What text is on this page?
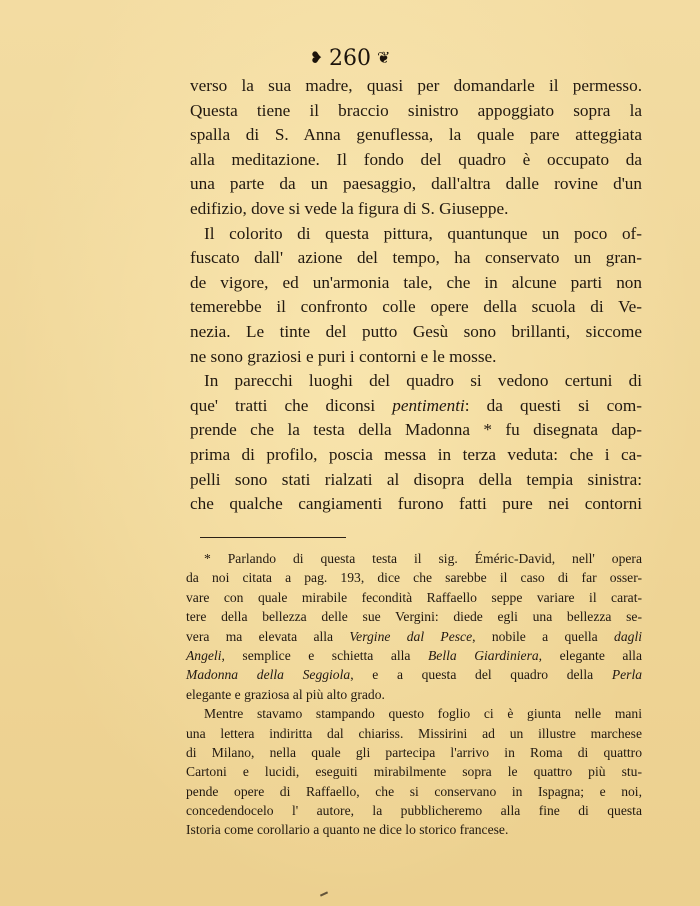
❥ 260 ❦
verso la sua madre, quasi per domandarle il permesso.
Questa tiene il braccio sinistro appoggiato sopra la
spalla di S. Anna genuflessa, la quale pare atteggiata
alla meditazione. Il fondo del quadro è occupato da
una parte da un paesaggio, dall'altra dalle rovine d'un
edifizio, dove si vede la figura di S. Giuseppe.
Il colorito di questa pittura, quantunque un poco of-
fuscato dall' azione del tempo, ha conservato un gran-
de vigore, ed un'armonia tale, che in alcune parti non
temerebbe il confronto colle opere della scuola di Ve-
nezia. Le tinte del putto Gesù sono brillanti, siccome
ne sono graziosi e puri i contorni e le mosse.
In parecchi luoghi del quadro si vedono certuni di
que' tratti che diconsi pentimenti: da questi si com-
prende che la testa della Madonna * fu disegnata dap-
prima di profilo, poscia messa in terza veduta: che i ca-
pelli sono stati rialzati al disopra della tempia sinistra:
che qualche cangiamenti furono fatti pure nei contorni
* Parlando di questa testa il sig. Éméric-David, nell' opera
da noi citata a pag. 193, dice che sarebbe il caso di far osser-
vare con quale mirabile fecondità Raffaello seppe variare il carat-
tere della bellezza delle sue Vergini: diede egli una bellezza se-
vera ma elevata alla Vergine dal Pesce, nobile a quella dagli
Angeli, semplice e schietta alla Bella Giardiniera, elegante alla
Madonna della Seggiola, e a questa del quadro della Perla
elegante e graziosa al più alto grado.
Mentre stavamo stampando questo foglio ci è giunta nelle mani
una lettera indiritta dal chiariss. Missirini ad un illustre marchese
di Milano, nella quale gli partecipa l'arrivo in Roma di quattro
Cartoni e lucidi, eseguiti mirabilmente sopra le quattro più stu-
pende opere di Raffaello, che si conservano in Ispagna; e noi,
concedendocelo l' autore, la pubblicheremo alla fine di questa
Istoria come corollario a quanto ne dice lo storico francese.
